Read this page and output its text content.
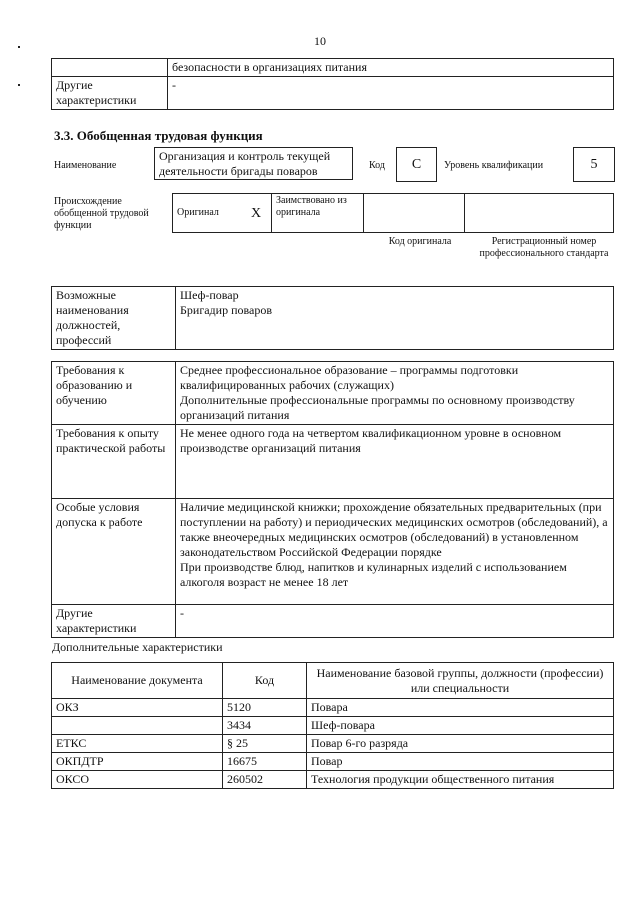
10
	безопасности в организациях питания
Другие характеристики	-
3.3. Обобщенная трудовая функция
Наименование
Организация и контроль текущей деятельности бригады поваров	Код	C	Уровень квалификации	5
Происхождение обобщенной трудовой функции
Оригинал	X	Заимствовано из оригинала		
Код оригинала	Регистрационный номер профессионального стандарта
Возможные наименования должностей, профессий	
Шеф-повар
Бригадир поваров
Требования к образованию и обучению	Среднее профессиональное образование – программы подготовки квалифицированных рабочих (служащих)
Дополнительные профессиональные программы по основному производству организаций питания

Требования к опыту практической работы	Не менее одного года на четвертом квалификационном уровне в основном производстве организаций питания

Особые условия допуска к работе	Наличие медицинской книжки; прохождение обязательных предварительных (при поступлении на работу) и периодических медицинских осмотров (обследований), а также внеочередных медицинских осмотров (обследований) в установленном законодательством Российской Федерации порядке
При производстве блюд, напитков и кулинарных изделий с использованием алкоголя возраст не менее 18 лет

Другие характеристики	-
Дополнительные характеристики
Наименование документа	Код	Наименование базовой группы, должности (профессии) или специальности
ОКЗ	5120	Повара
	3434	Шеф-повара
ЕТКС	§ 25	Повар 6-го разряда
ОКПДТР	16675	Повар
ОКСО	260502	Технология продукции общественного питания
